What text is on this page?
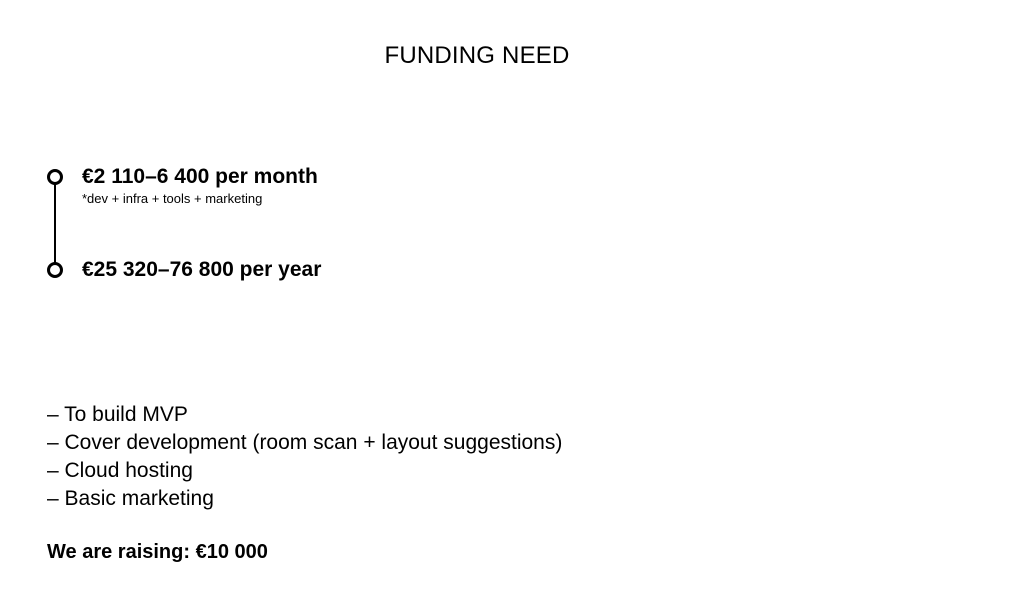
FUNDING NEED
€2 110–6 400 per month
*dev + infra + tools + marketing
€25 320–76 800 per year
– To build MVP
– Cover development (room scan + layout suggestions)
– Cloud hosting
– Basic marketing
We are raising: €10 000
